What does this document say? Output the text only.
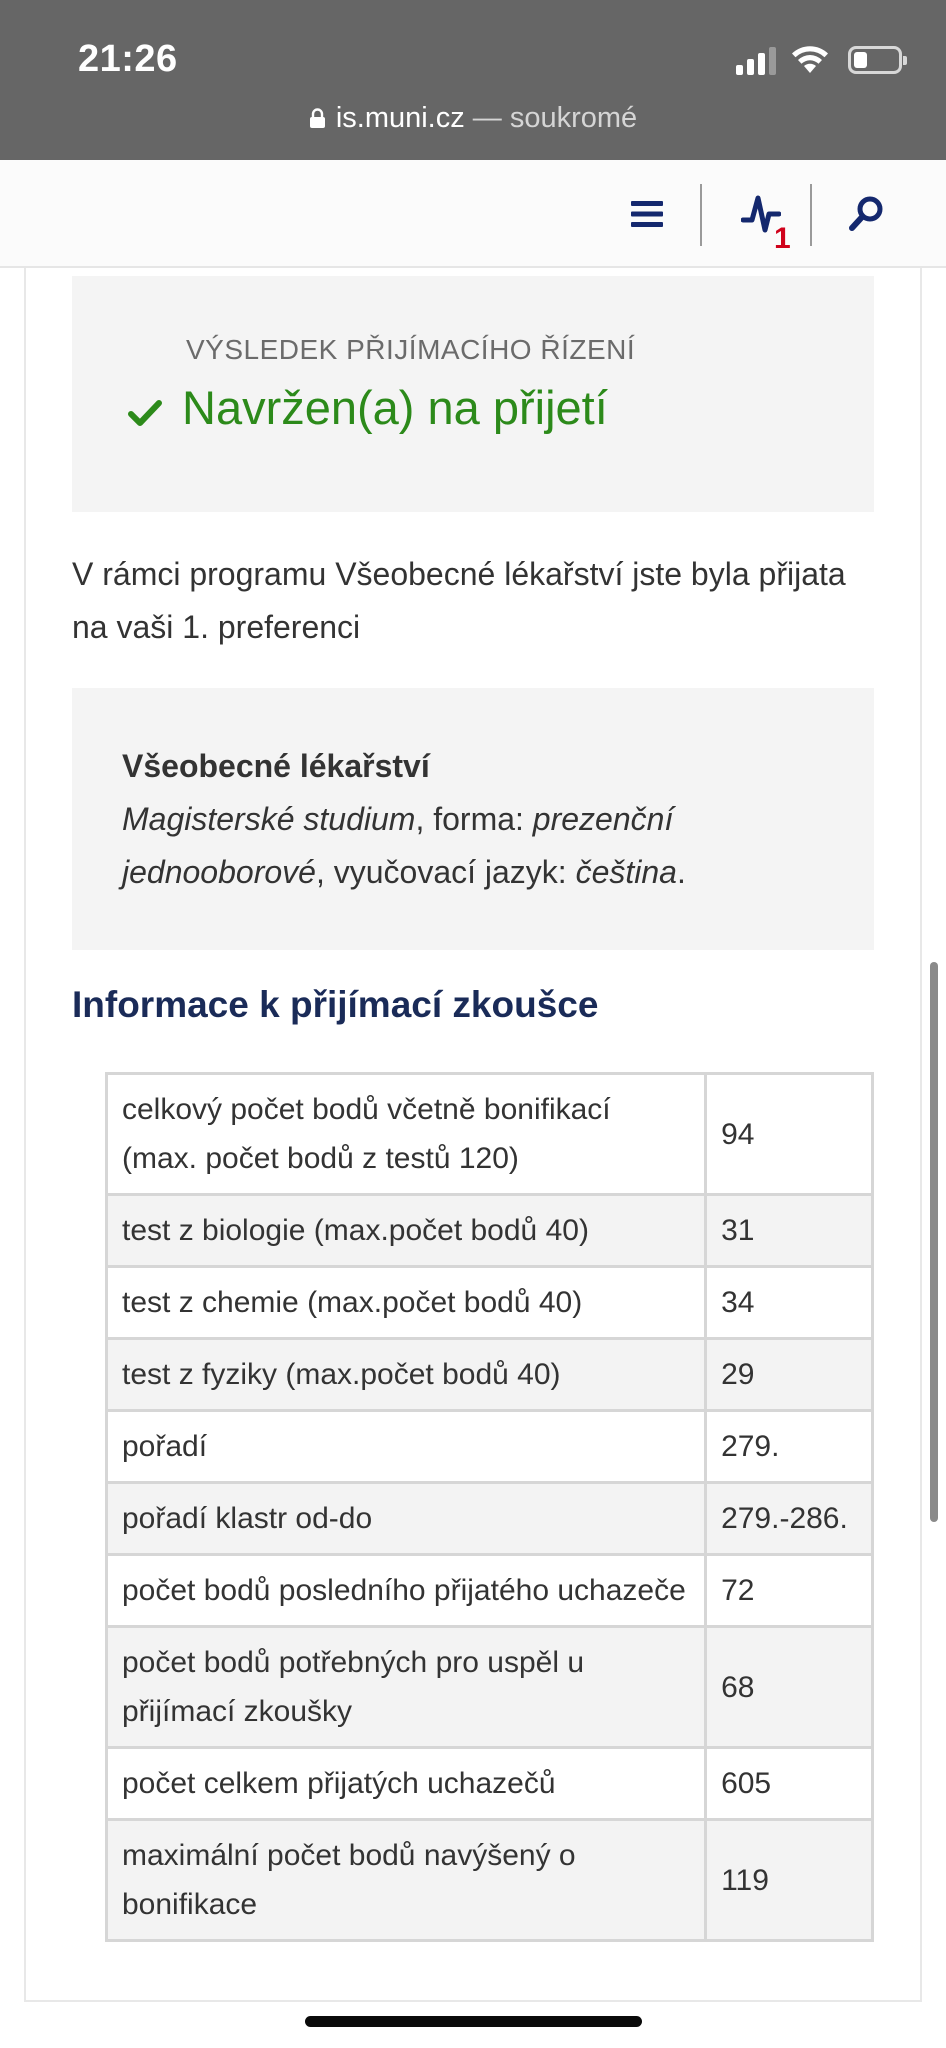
21:26
is.muni.cz — soukromé
1
VÝSLEDEK PŘIJÍMACÍHO ŘÍZENÍ
Navržen(a) na přijetí
V rámci programu Všeobecné lékařství jste byla přijata na vaši 1. preferenci
Všeobecné lékařství
Magisterské studium, forma: prezenční jednooborové, vyučovací jazyk: čeština.
Informace k přijímací zkoušce
celkový počet bodů včetně bonifikací (max. počet bodů z testů 120)	94
test z biologie (max.počet bodů 40)	31
test z chemie (max.počet bodů 40)	34
test z fyziky (max.počet bodů 40)	29
pořadí	279.
pořadí klastr od-do	279.-286.
počet bodů posledního přijatého uchazeče	72
počet bodů potřebných pro uspěl u přijímací zkoušky	68
počet celkem přijatých uchazečů	605
maximální počet bodů navýšený o bonifikace	119
